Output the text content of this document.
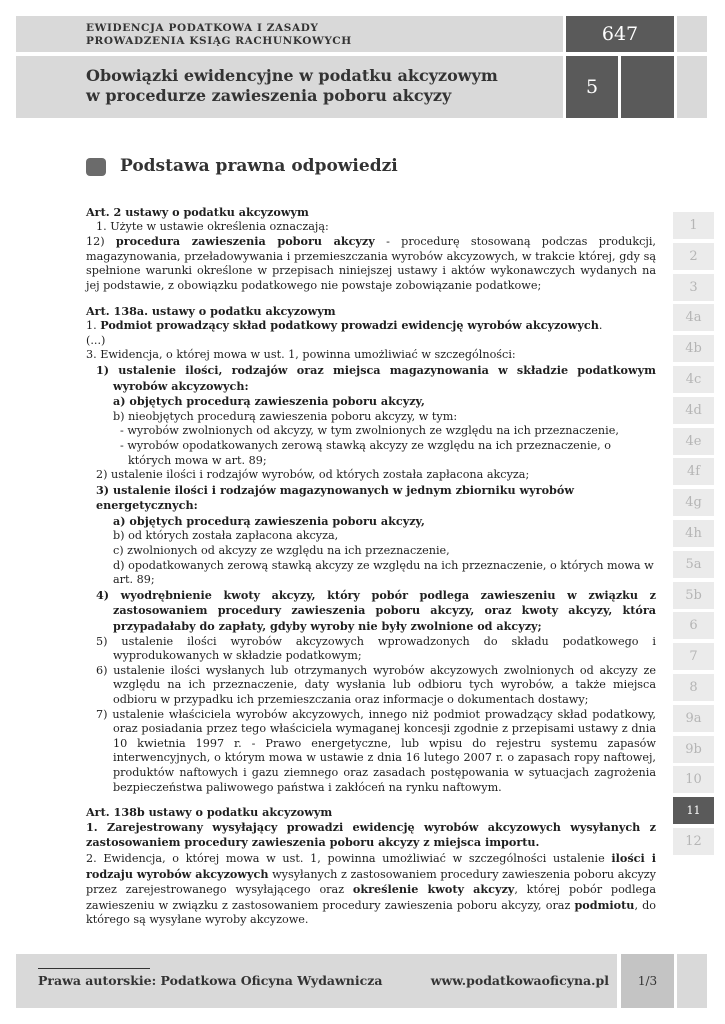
EWIDENCJA PODATKOWA I ZASADY
PROWADZENIA KSIĄG RACHUNKOWYCH	647
Obowiązki ewidencyjne w podatku akcyzowym
w procedurze zawieszenia poboru akcyzy	5
Podstawa prawna odpowiedzi

Art. 2 ustawy o podatku akcyzowym

1. Użyte w ustawie określenia oznaczają:

12) procedura zawieszenia poboru akcyzy - procedurę stosowaną podczas produkcji, magazynowania, przeładowywania i przemieszczania wyrobów akcyzowych, w trakcie której, gdy są spełnione warunki określone w przepisach niniejszej ustawy i aktów wykonawczych wydanych na jej podstawie, z obowiązku podatkowego nie powstaje zobowiązanie podatkowe;

Art. 138a. ustawy o podatku akcyzowym

1. Podmiot prowadzący skład podatkowy prowadzi ewidencję wyrobów akcyzowych.

(...)

3. Ewidencja, o której mowa w ust. 1, powinna umożliwiać w szczególności:

1) ustalenie ilości, rodzajów oraz miejsca magazynowania w składzie podatkowym wyrobów akcyzowych:

a) objętych procedurą zawieszenia poboru akcyzy,

b) nieobjętych procedurą zawieszenia poboru akcyzy, w tym:

- wyrobów zwolnionych od akcyzy, w tym zwolnionych ze względu na ich przeznaczenie,

- wyrobów opodatkowanych zerową stawką akcyzy ze względu na ich przeznaczenie, o których mowa w art. 89;

2) ustalenie ilości i rodzajów wyrobów, od których została zapłacona akcyza;

3) ustalenie ilości i rodzajów magazynowanych w jednym zbiorniku wyrobów energetycznych:

a) objętych procedurą zawieszenia poboru akcyzy,

b) od których została zapłacona akcyza,

c) zwolnionych od akcyzy ze względu na ich przeznaczenie,

d) opodatkowanych zerową stawką akcyzy ze względu na ich przeznaczenie, o których mowa w art. 89;

4) wyodrębnienie kwoty akcyzy, który pobór podlega zawieszeniu w związku z zastosowaniem procedury zawieszenia poboru akcyzy, oraz kwoty akcyzy, która przypadałaby do zapłaty, gdyby wyroby nie były zwolnione od akcyzy;

5) ustalenie ilości wyrobów akcyzowych wprowadzonych do składu podatkowego i wyprodukowanych w składzie podatkowym;

6) ustalenie ilości wysłanych lub otrzymanych wyrobów akcyzowych zwolnionych od akcyzy ze względu na ich przeznaczenie, daty wysłania lub odbioru tych wyrobów, a także miejsca odbioru w przypadku ich przemieszczania oraz informacje o dokumentach dostawy;

7) ustalenie właściciela wyrobów akcyzowych, innego niż podmiot prowadzący skład podatkowy, oraz posiadania przez tego właściciela wymaganej koncesji zgodnie z przepisami ustawy z dnia 10 kwietnia 1997 r. - Prawo energetyczne, lub wpisu do rejestru systemu zapasów interwencyjnych, o którym mowa w ustawie z dnia 16 lutego 2007 r. o zapasach ropy naftowej, produktów naftowych i gazu ziemnego oraz zasadach postępowania w sytuacjach zagrożenia bezpieczeństwa paliwowego państwa i zakłóceń na rynku naftowym.

Art. 138b ustawy o podatku akcyzowym

1. Zarejestrowany wysyłający prowadzi ewidencję wyrobów akcyzowych wysyłanych z zastosowaniem procedury zawieszenia poboru akcyzy z miejsca importu.

2. Ewidencja, o której mowa w ust. 1, powinna umożliwiać w szczególności ustalenie ilości i rodzaju wyrobów akcyzowych wysyłanych z zastosowaniem procedury zawieszenia poboru akcyzy przez zarejestrowanego wysyłającego oraz określenie kwoty akcyzy, której pobór podlega zawieszeniu w związku z zastosowaniem procedury zawieszenia poboru akcyzy, oraz podmiotu, do którego są wysyłane wyroby akcyzowe.

1
2
3
4a
4b
4c
4d
4e
4f
4g
4h
5a
5b
6
7
8
9a
9b
10
11
12
Prawa autorskie: Podatkowa Oficyna Wydawnicza	www.podatkowaoficyna.pl	1/3
